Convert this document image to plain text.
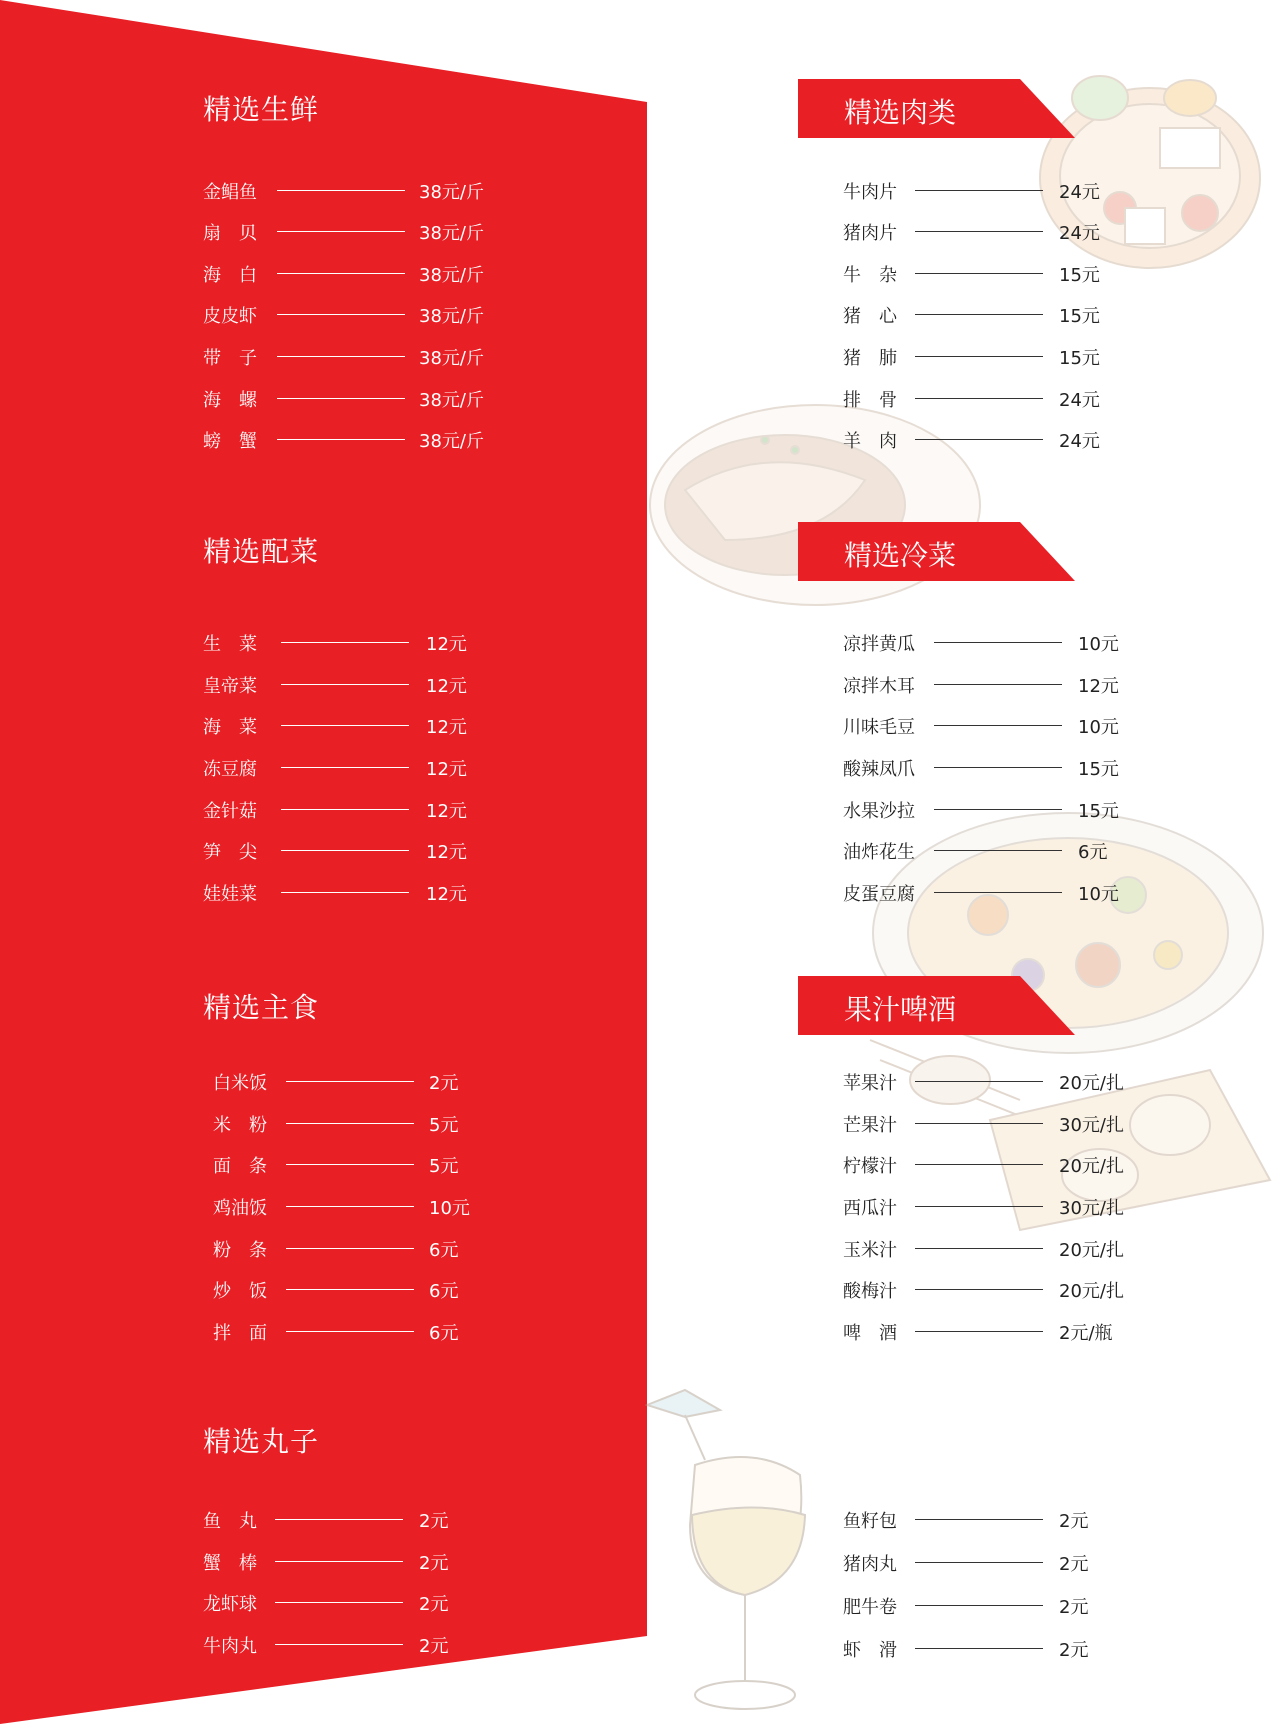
精选生鲜
金鲳鱼	38元/斤
扇　贝	38元/斤
海　白	38元/斤
皮皮虾	38元/斤
带　子	38元/斤
海　螺	38元/斤
螃　蟹	38元/斤
精选配菜
生　菜	12元
皇帝菜	12元
海　菜	12元
冻豆腐	12元
金针菇	12元
笋　尖	12元
娃娃菜	12元
精选主食
白米饭	2元
米　粉	5元
面　条	5元
鸡油饭	10元
粉　条	6元
炒　饭	6元
拌　面	6元
精选丸子
鱼　丸	2元
蟹　棒	2元
龙虾球	2元
牛肉丸	2元
精选肉类
牛肉片	24元
猪肉片	24元
牛　杂	15元
猪　心	15元
猪　肺	15元
排　骨	24元
羊　肉	24元
精选冷菜
凉拌黄瓜	10元
凉拌木耳	12元
川味毛豆	10元
酸辣凤爪	15元
水果沙拉	15元
油炸花生	6元
皮蛋豆腐	10元
果汁啤酒
苹果汁	20元/扎
芒果汁	30元/扎
柠檬汁	20元/扎
西瓜汁	30元/扎
玉米汁	20元/扎
酸梅汁	20元/扎
啤　酒	2元/瓶
鱼籽包	2元
猪肉丸	2元
肥牛卷	2元
虾　滑	2元
